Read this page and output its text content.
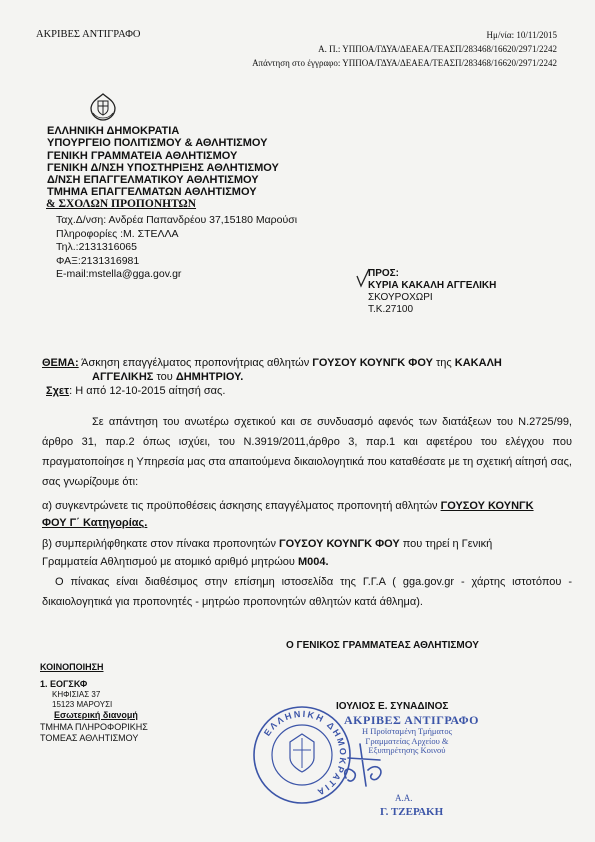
ΑΚΡΙΒΕΣ ΑΝΤΙΓΡΑΦΟ	Ημ/νία: 10/11/2015
Α. Π.: ΥΠΠΟΑ/ΓΔΥΑ/ΔΕΑΕΑ/ΤΕΑΣΠ/283468/16620/2971/2242
Απάντηση στο έγγραφο: ΥΠΠΟΑ/ΓΔΥΑ/ΔΕΑΕΑ/ΤΕΑΣΠ/283468/16620/2971/2242
ΕΛΛΗΝΙΚΗ ΔΗΜΟΚΡΑΤΙΑ
ΥΠΟΥΡΓΕΙΟ ΠΟΛΙΤΙΣΜΟΥ & ΑΘΛΗΤΙΣΜΟΥ
ΓΕΝΙΚΗ ΓΡΑΜΜΑΤΕΙΑ ΑΘΛΗΤΙΣΜΟΥ
ΓΕΝΙΚΗ Δ/ΝΣΗ ΥΠΟΣΤΗΡΙΞΗΣ ΑΘΛΗΤΙΣΜΟΥ
Δ/ΝΣΗ ΕΠΑΓΓΕΛΜΑΤΙΚΟΥ ΑΘΛΗΤΙΣΜΟΥ
ΤΜΗΜΑ ΕΠΑΓΓΕΛΜΑΤΩΝ ΑΘΛΗΤΙΣΜΟΥ
& ΣΧΟΛΩΝ ΠΡΟΠΟΝΗΤΩΝ
Ταχ.Δ/νση: Ανδρέα Παπανδρέου 37,15180 Μαρούσι
Πληροφορίες :Μ. ΣΤΕΛΛΑ
Τηλ.:2131316065
ΦΑΞ:2131316981
E-mail:mstella@gga.gov.gr	ΠΡΟΣ:
ΚΥΡΙΑ ΚΑΚΑΛΗ ΑΓΓΕΛΙΚΗ
ΣΚΟΥΡΟΧΩΡΙ
Τ.Κ.27100
ΘΕΜΑ: Άσκηση επαγγέλματος προπονήτριας αθλητών ΓΟΥΣΟΥ ΚΟΥΝΓΚ ΦΟΥ της ΚΑΚΑΛΗ
ΑΓΓΕΛΙΚΗΣ του ΔΗΜΗΤΡΙΟΥ.
Σχετ: Η από 12-10-2015 αίτησή σας.
Σε απάντηση του ανωτέρω σχετικού και σε συνδυασμό αφενός των διατάξεων του Ν.2725/99, άρθρο 31, παρ.2 όπως ισχύει, του Ν.3919/2011,άρθρο 3, παρ.1 και αφετέρου του ελέγχου που πραγματοποίησε η Υπηρεσία μας στα απαιτούμενα δικαιολογητικά που καταθέσατε με τη σχετική αίτησή σας, σας γνωρίζουμε ότι:
α) συγκεντρώνετε τις προϋποθέσεις άσκησης επαγγέλματος προπονητή αθλητών ΓΟΥΣΟΥ ΚΟΥΝΓΚ
ΦΟΥ Γ΄ Κατηγορίας.
β) συμπεριλήφθηκατε στον πίνακα προπονητών ΓΟΥΣΟΥ ΚΟΥΝΓΚ ΦΟΥ που τηρεί η Γενική
Γραμματεία Αθλητισμού με ατομικό αριθμό μητρώου Μ004.
Ο πίνακας είναι διαθέσιμος στην επίσημη ιστοσελίδα της Γ.Γ.Α ( gga.gov.gr - χάρτης ιστοτόπου - δικαιολογητικά για προπονητές - μητρώο προπονητών αθλητών κατά άθλημα).
Ο ΓΕΝΙΚΟΣ ΓΡΑΜΜΑΤΕΑΣ ΑΘΛΗΤΙΣΜΟΥ
ΙΟΥΛΙΟΣ Ε. ΣΥΝΑΔΙΝΟΣ
ΚΟΙΝΟΠΟΙΗΣΗ
1. ΕΟΓΣΚΦ
ΚΗΦΙΣΙΑΣ 37
15123 ΜΑΡΟΥΣΙ
Εσωτερική διανομή
ΤΜΗΜΑ ΠΛΗΡΟΦΟΡΙΚΗΣ
ΤΟΜΕΑΣ ΑΘΛΗΤΙΣΜΟΥ
ΕΛΛΗΝΙΚΗ ΔΗΜΟΚΡΑΤΙΑ
ΑΚΡΙΒΕΣ ΑΝΤΙΓΡΑΦΟ
Η Προϊσταμένη Τμήματος
Γραμματείας Αρχείου &
Εξυπηρέτησης Κοινού
Α.Α.
Γ. ΤΖΕΡΑΚΗ
